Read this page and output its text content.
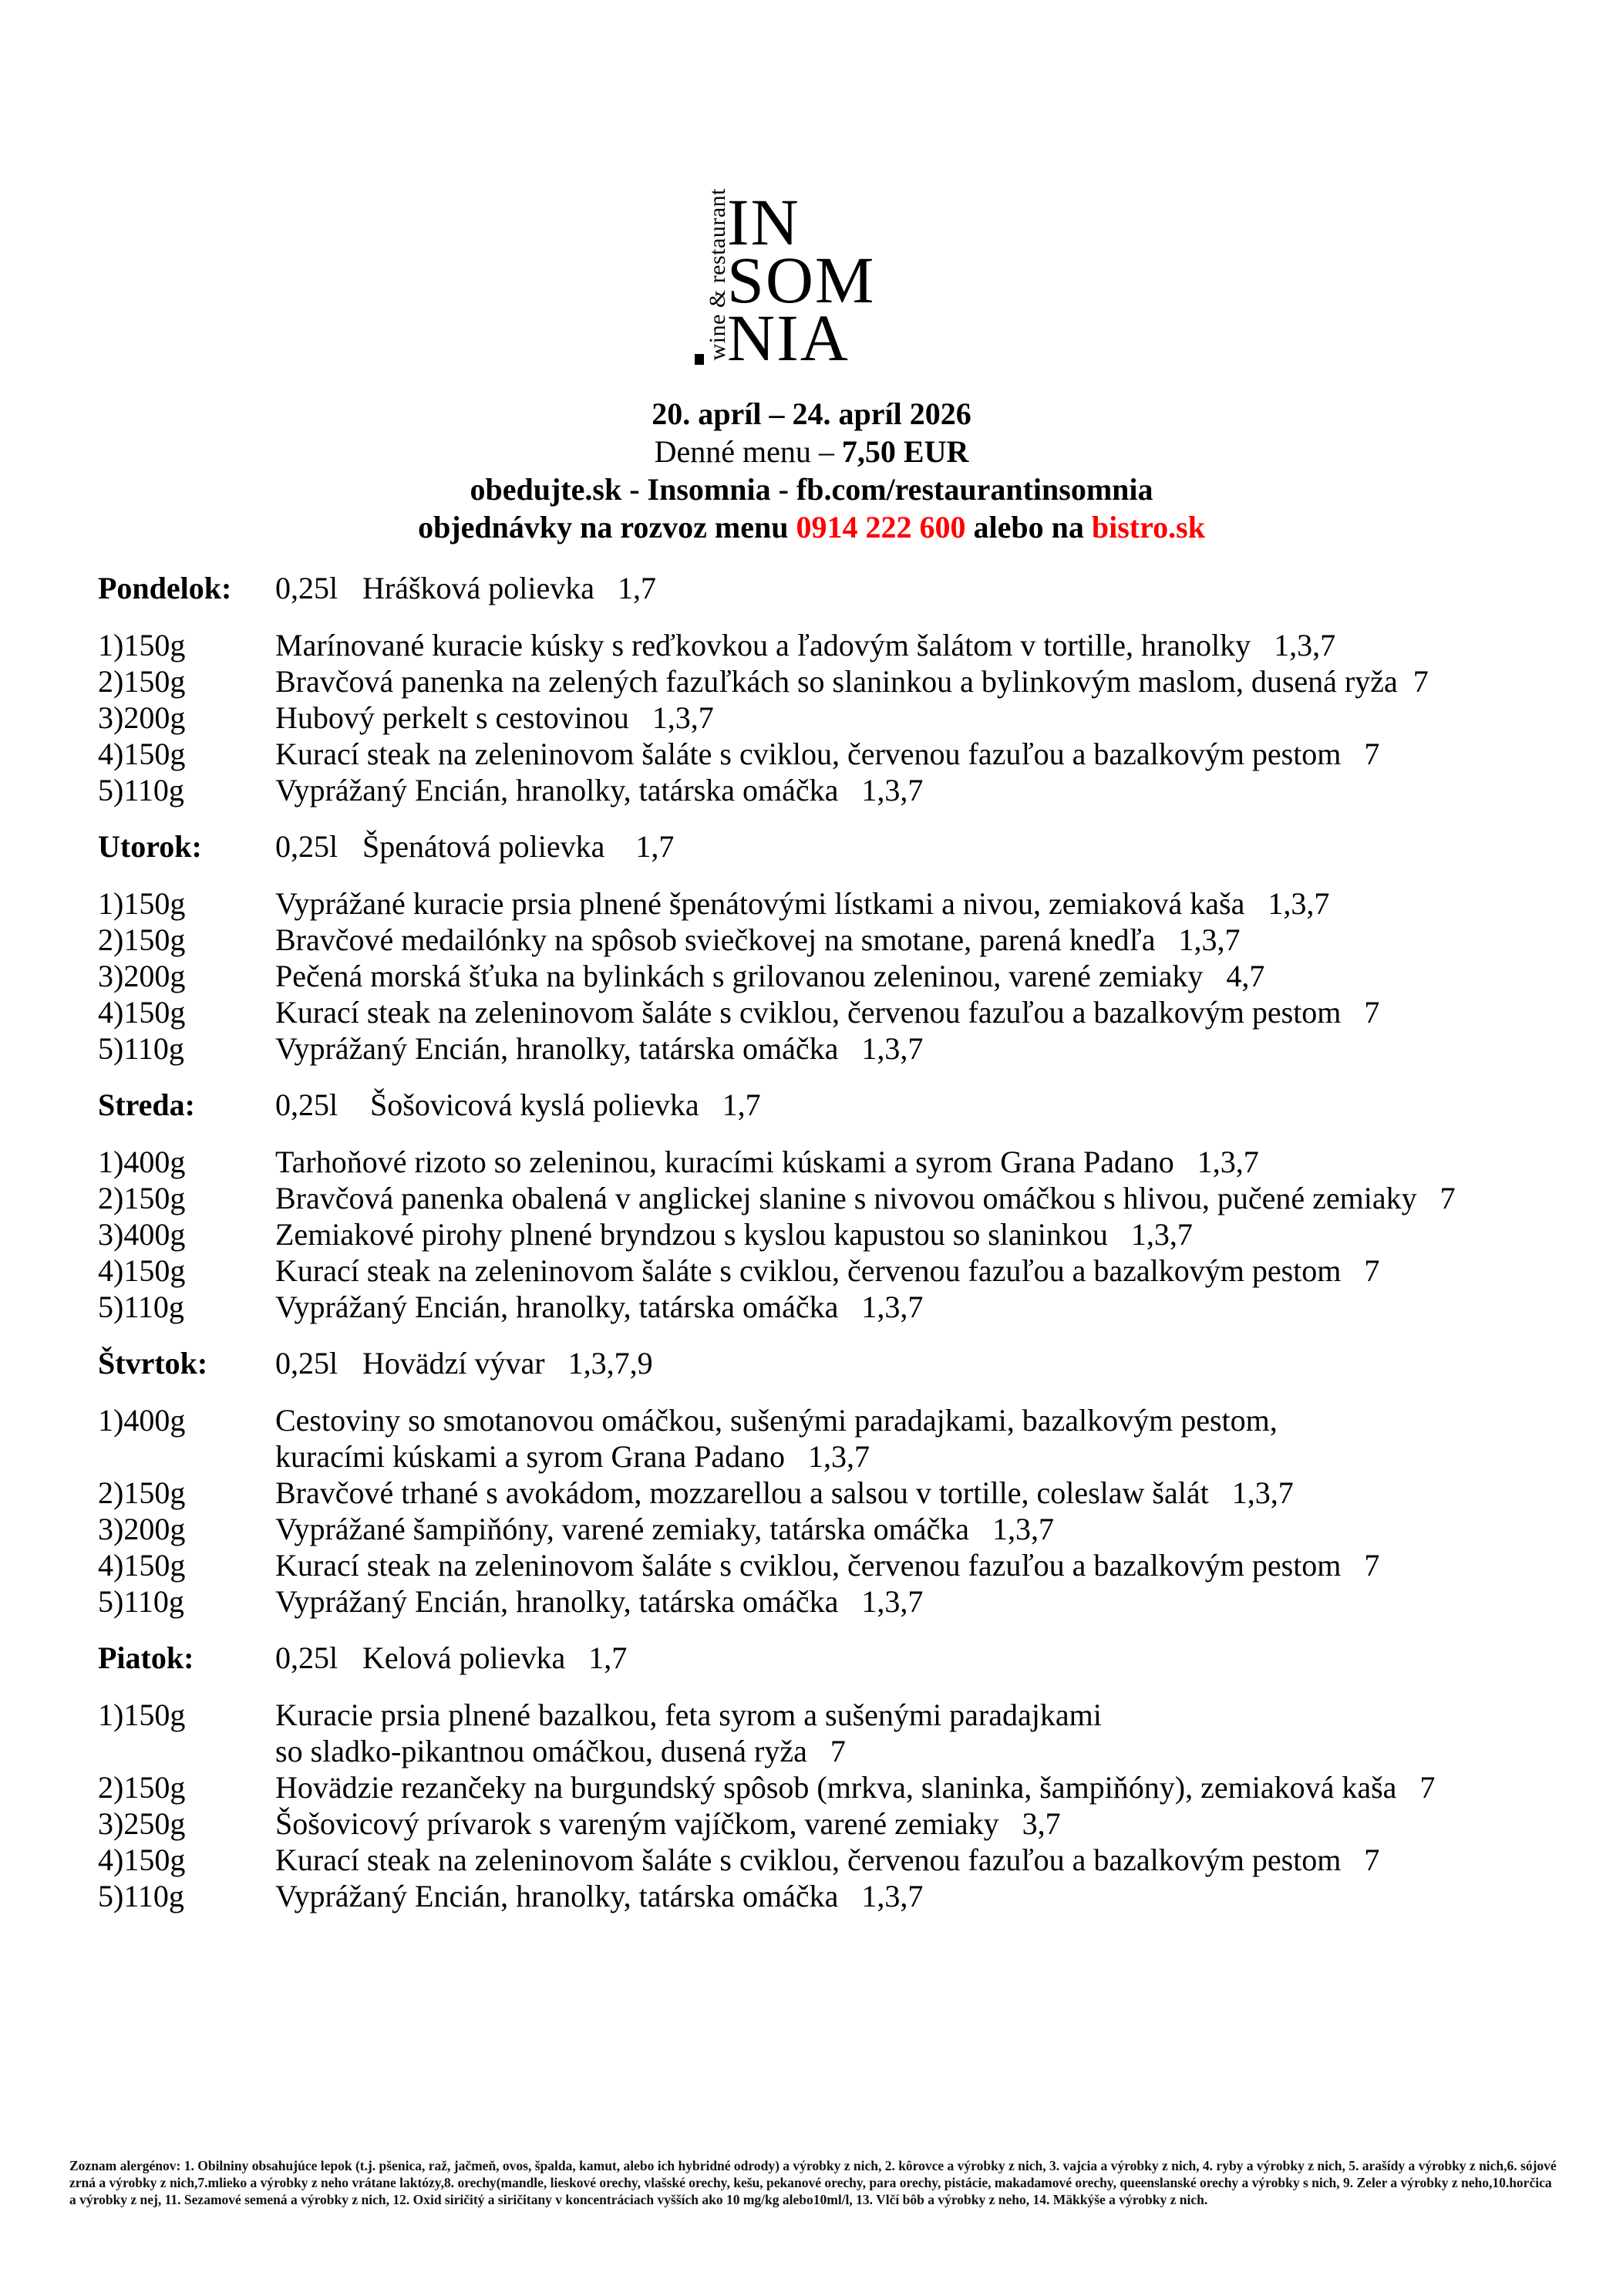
wine & restaurant
IN
SOM
NIA
20. apríl – 24. apríl 2026
Denné menu – 7,50 EUR
obedujte.sk - Insomnia - fb.com/restaurantinsomnia
objednávky na rozvoz menu 0914 222 600 alebo na bistro.sk
Pondelok:	0,25l Hrášková polievka   1,7
1)150g	Marínované kuracie kúsky s reďkovkou a ľadovým šalátom v tortille, hranolky   1,3,7
2)150g	Bravčová panenka na zelených fazuľkách so slaninkou a bylinkovým maslom, dusená ryža  7
3)200g	Hubový perkelt s cestovinou   1,3,7
4)150g	Kurací steak na zeleninovom šaláte s cviklou, červenou fazuľou a bazalkovým pestom   7
5)110g	Vyprážaný Encián, hranolky, tatárska omáčka   1,3,7
Utorok:	0,25l Špenátová polievka    1,7
1)150g	Vyprážané kuracie prsia plnené špenátovými lístkami a nivou, zemiaková kaša   1,3,7
2)150g	Bravčové medailónky na spôsob sviečkovej na smotane, parená knedľa   1,3,7
3)200g	Pečená morská šťuka na bylinkách s grilovanou zeleninou, varené zemiaky   4,7
4)150g	Kurací steak na zeleninovom šaláte s cviklou, červenou fazuľou a bazalkovým pestom   7
5)110g	Vyprážaný Encián, hranolky, tatárska omáčka   1,3,7
Streda:	0,25l Šošovicová kyslá polievka   1,7
1)400g	Tarhoňové rizoto so zeleninou, kuracími kúskami a syrom Grana Padano   1,3,7
2)150g	Bravčová panenka obalená v anglickej slanine s nivovou omáčkou s hlivou, pučené zemiaky   7
3)400g	Zemiakové pirohy plnené bryndzou s kyslou kapustou so slaninkou   1,3,7
4)150g	Kurací steak na zeleninovom šaláte s cviklou, červenou fazuľou a bazalkovým pestom   7
5)110g	Vyprážaný Encián, hranolky, tatárska omáčka   1,3,7
Štvrtok:	0,25l Hovädzí vývar   1,3,7,9
1)400g	Cestoviny so smotanovou omáčkou, sušenými paradajkami, bazalkovým pestom,
kuracími kúskami a syrom Grana Padano   1,3,7
2)150g	Bravčové trhané s avokádom, mozzarellou a salsou v tortille, coleslaw šalát   1,3,7
3)200g	Vyprážané šampiňóny, varené zemiaky, tatárska omáčka   1,3,7
4)150g	Kurací steak na zeleninovom šaláte s cviklou, červenou fazuľou a bazalkovým pestom   7
5)110g	Vyprážaný Encián, hranolky, tatárska omáčka   1,3,7
Piatok:	0,25l Kelová polievka   1,7
1)150g	Kuracie prsia plnené bazalkou, feta syrom a sušenými paradajkami
so sladko-pikantnou omáčkou, dusená ryža   7
2)150g	Hovädzie rezančeky na burgundský spôsob (mrkva, slaninka, šampiňóny), zemiaková kaša   7
3)250g	Šošovicový prívarok s vareným vajíčkom, varené zemiaky   3,7
4)150g	Kurací steak na zeleninovom šaláte s cviklou, červenou fazuľou a bazalkovým pestom   7
5)110g	Vyprážaný Encián, hranolky, tatárska omáčka   1,3,7
Zoznam alergénov: 1. Obilniny obsahujúce lepok (t.j. pšenica, raž, jačmeň, ovos, špalda, kamut, alebo ich hybridné odrody) a výrobky z nich, 2. kôrovce a výrobky z nich, 3. vajcia a výrobky z nich, 4. ryby a výrobky z nich, 5. arašídy a výrobky z nich,6. sójové zrná a výrobky z nich,7.mlieko a výrobky z neho vrátane laktózy,8. orechy(mandle, lieskové orechy, vlašské orechy, kešu, pekanové orechy, para orechy, pistácie, makadamové orechy, queenslanské orechy a výrobky s nich, 9. Zeler a výrobky z neho,10.horčica a výrobky z nej, 11. Sezamové semená a výrobky z nich, 12. Oxid siričitý a siričitany v koncentráciach vyšších ako 10 mg/kg alebo10ml/l, 13. Vlčí bôb a výrobky z neho, 14. Mäkkýše a výrobky z nich.
